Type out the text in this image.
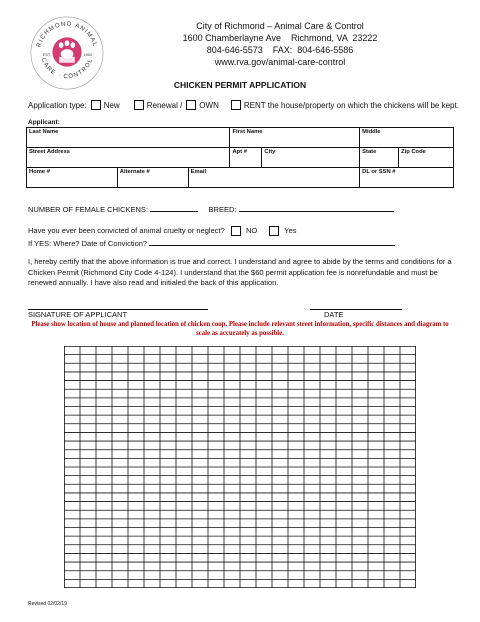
RICHMOND ANIMAL
CARE · CONTROL
EST.	1902
City of Richmond – Animal Care & Control
1600 Chamberlayne Ave    Richmond, VA  23222
804-646-5573    FAX:  804-646-5586
www.rva.gov/animal-care-control
CHICKEN PERMIT APPLICATION
Application type: New	Renewal / OWN	RENT the house/property on which the chickens will be kept.
Applicant:
Last Name			First Name		Middle	
Street Address			Apt #	City	State	Zip Code
Home #	Alternate #	Email			DL or SSN #	
NUMBER OF FEMALE CHICKENS:	BREED:
Have you ever been convicted of animal cruelty or neglect?	NO	Yes
If YES: Where? Date of Conviction?
I, hereby certify that the above information is true and correct. I understand and agree to abide by the terms and conditions for a Chicken Permit (Richmond City Code 4-124). I understand that the $60 permit application fee is nonrefundable and must be renewed annually. I have also read and initialed the back of this application.
SIGNATURE OF APPLICANT	DATE
Please show location of house and planned location of chicken coop. Please include relevant street information, specific distances and diagram to scale as accurately as possible.
Revised 02/02/19
